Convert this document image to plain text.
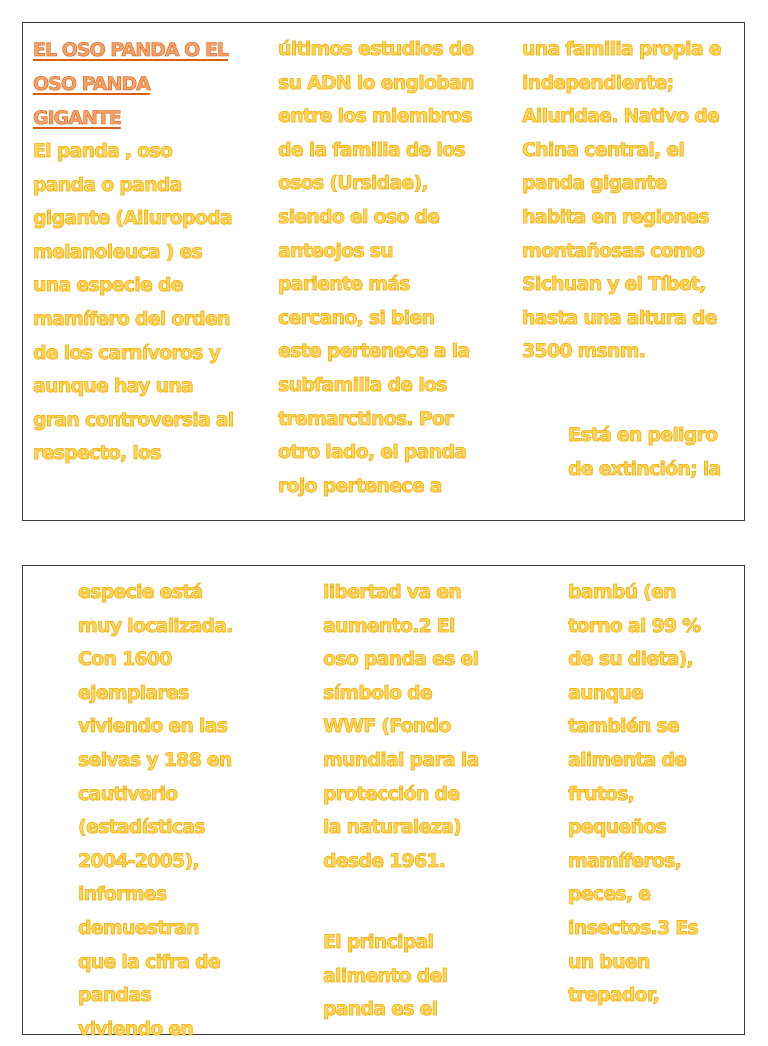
EL OSO PANDA O EL
OSO PANDA
GIGANTE
El panda , oso
panda o panda
gigante (Ailuropoda
melanoleuca ) es
una especie de
mamífero del orden
de los carnívoros y
aunque hay una
gran controversia al
respecto, los
últimos estudios de
su ADN lo engloban
entre los miembros
de la familia de los
osos (Ursidae),
siendo el oso de
anteojos su
pariente más
cercano, si bien
este pertenece a la
subfamilia de los
tremarctinos. Por
otro lado, el panda
rojo pertenece a
una familia propia e
independiente;
Ailuridae. Nativo de
China central, el
panda gigante
habita en regiones
montañosas como
Sichuan y el Tíbet,
hasta una altura de
3500 msnm.
Está en peligro
de extinción; la
especie está
muy localizada.
Con 1600
ejemplares
viviendo en las
selvas y 188 en
cautiverio
(estadísticas
2004-2005),
informes
demuestran
que la cifra de
pandas
viviendo en
libertad va en
aumento.2 El
oso panda es el
símbolo de
WWF (Fondo
mundial para la
protección de
la naturaleza)
desde 1961.
El principal
alimento del
panda es el
bambú (en
torno al 99 %
de su dieta),
aunque
también se
alimenta de
frutos,
pequeños
mamíferos,
peces, e
insectos.3 Es
un buen
trepador,
